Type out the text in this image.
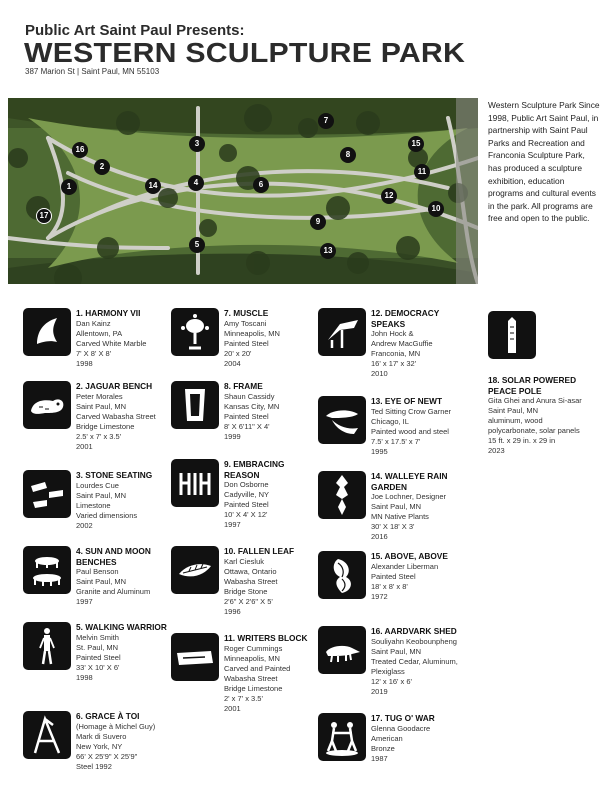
Public Art Saint Paul Presents:
WESTERN SCULPTURE PARK
387 Marion St | Saint Paul, MN 55103
1
2
3
4
5
6
7
8
9
10
11
12
13
14
15
16
17
Western Sculpture Park Since 1998, Public Art Saint Paul, in partnership with Saint Paul Parks and Recreation and Franconia Sculpture Park, has produced a sculpture exhibition, education programs and cultural events in the park. All programs are free and open to the public.
1. HARMONY VII
Dan Kainz
Allentown, PA
Carved White Marble
7' X 8' X 8'
1998
2. JAGUAR BENCH
Peter Morales
Saint Paul, MN
Carved Wabasha Street
Bridge Limestone
2.5' x 7' x 3.5'
2001
3. STONE SEATING
Lourdes Cue
Saint Paul, MN
Limestone
Varied dimensions
2002
4. SUN AND MOON BENCHES
Paul Benson
Saint Paul, MN
Granite and Aluminum
1997
5. WALKING WARRIOR
Melvin Smith
St. Paul, MN
Painted Steel
33' X 10' X 6'
1998
6. GRACE À TOI
(Homage à Michel Guy)
Mark di Suvero
New York, NY
66' X 25'9" X 25'9"
Steel 1992
7. MUSCLE
Amy Toscani
Minneapolis, MN
Painted Steel
20' x 20'
2004
8. FRAME
Shaun Cassidy
Kansas City, MN
Painted Steel
8' X 6'11" X 4'
1999
9. EMBRACING REASON
Don Osborne
Cadyville, NY
Painted Steel
10' X 4' X 12'
1997
10. FALLEN LEAF
Karl Ciesluk
Ottawa, Ontario
Wabasha Street
Bridge Stone
2'6" X 2'6" X 5'
1996
11. WRITERS BLOCK
Roger Cummings
Minneapolis, MN
Carved and Painted
Wabasha Street
Bridge Limestone
2' x 7' x 3.5'
2001
12. DEMOCRACY SPEAKS
John Hock &
Andrew MacGuffie
Franconia, MN
16' x 17' x 32'
2010
13. EYE OF NEWT
Ted Sitting Crow Garner
Chicago, IL
Painted wood and steel
7.5' x 17.5' x 7'
1995
14. WALLEYE RAIN GARDEN
Joe Lochner, Designer
Saint Paul, MN
MN Native Plants
30' X 18' X 3'
2016
15. ABOVE, ABOVE
Alexander Liberman
Painted Steel
18' x 8' x 8'
1972
16. AARDVARK SHED
Souliyahn Keobounpheng
Saint Paul, MN
Treated Cedar, Aluminum,
Plexiglass
12' x 16' x 6'
2019
17. TUG O' WAR
Glenna Goodacre
American
Bronze
1987
18. SOLAR POWERED PEACE POLE
Gita Ghei and Anura Si-asar
Saint Paul, MN
aluminum, wood
polycarbonate, solar panels
15 ft. x 29 in. x 29 in
2023
